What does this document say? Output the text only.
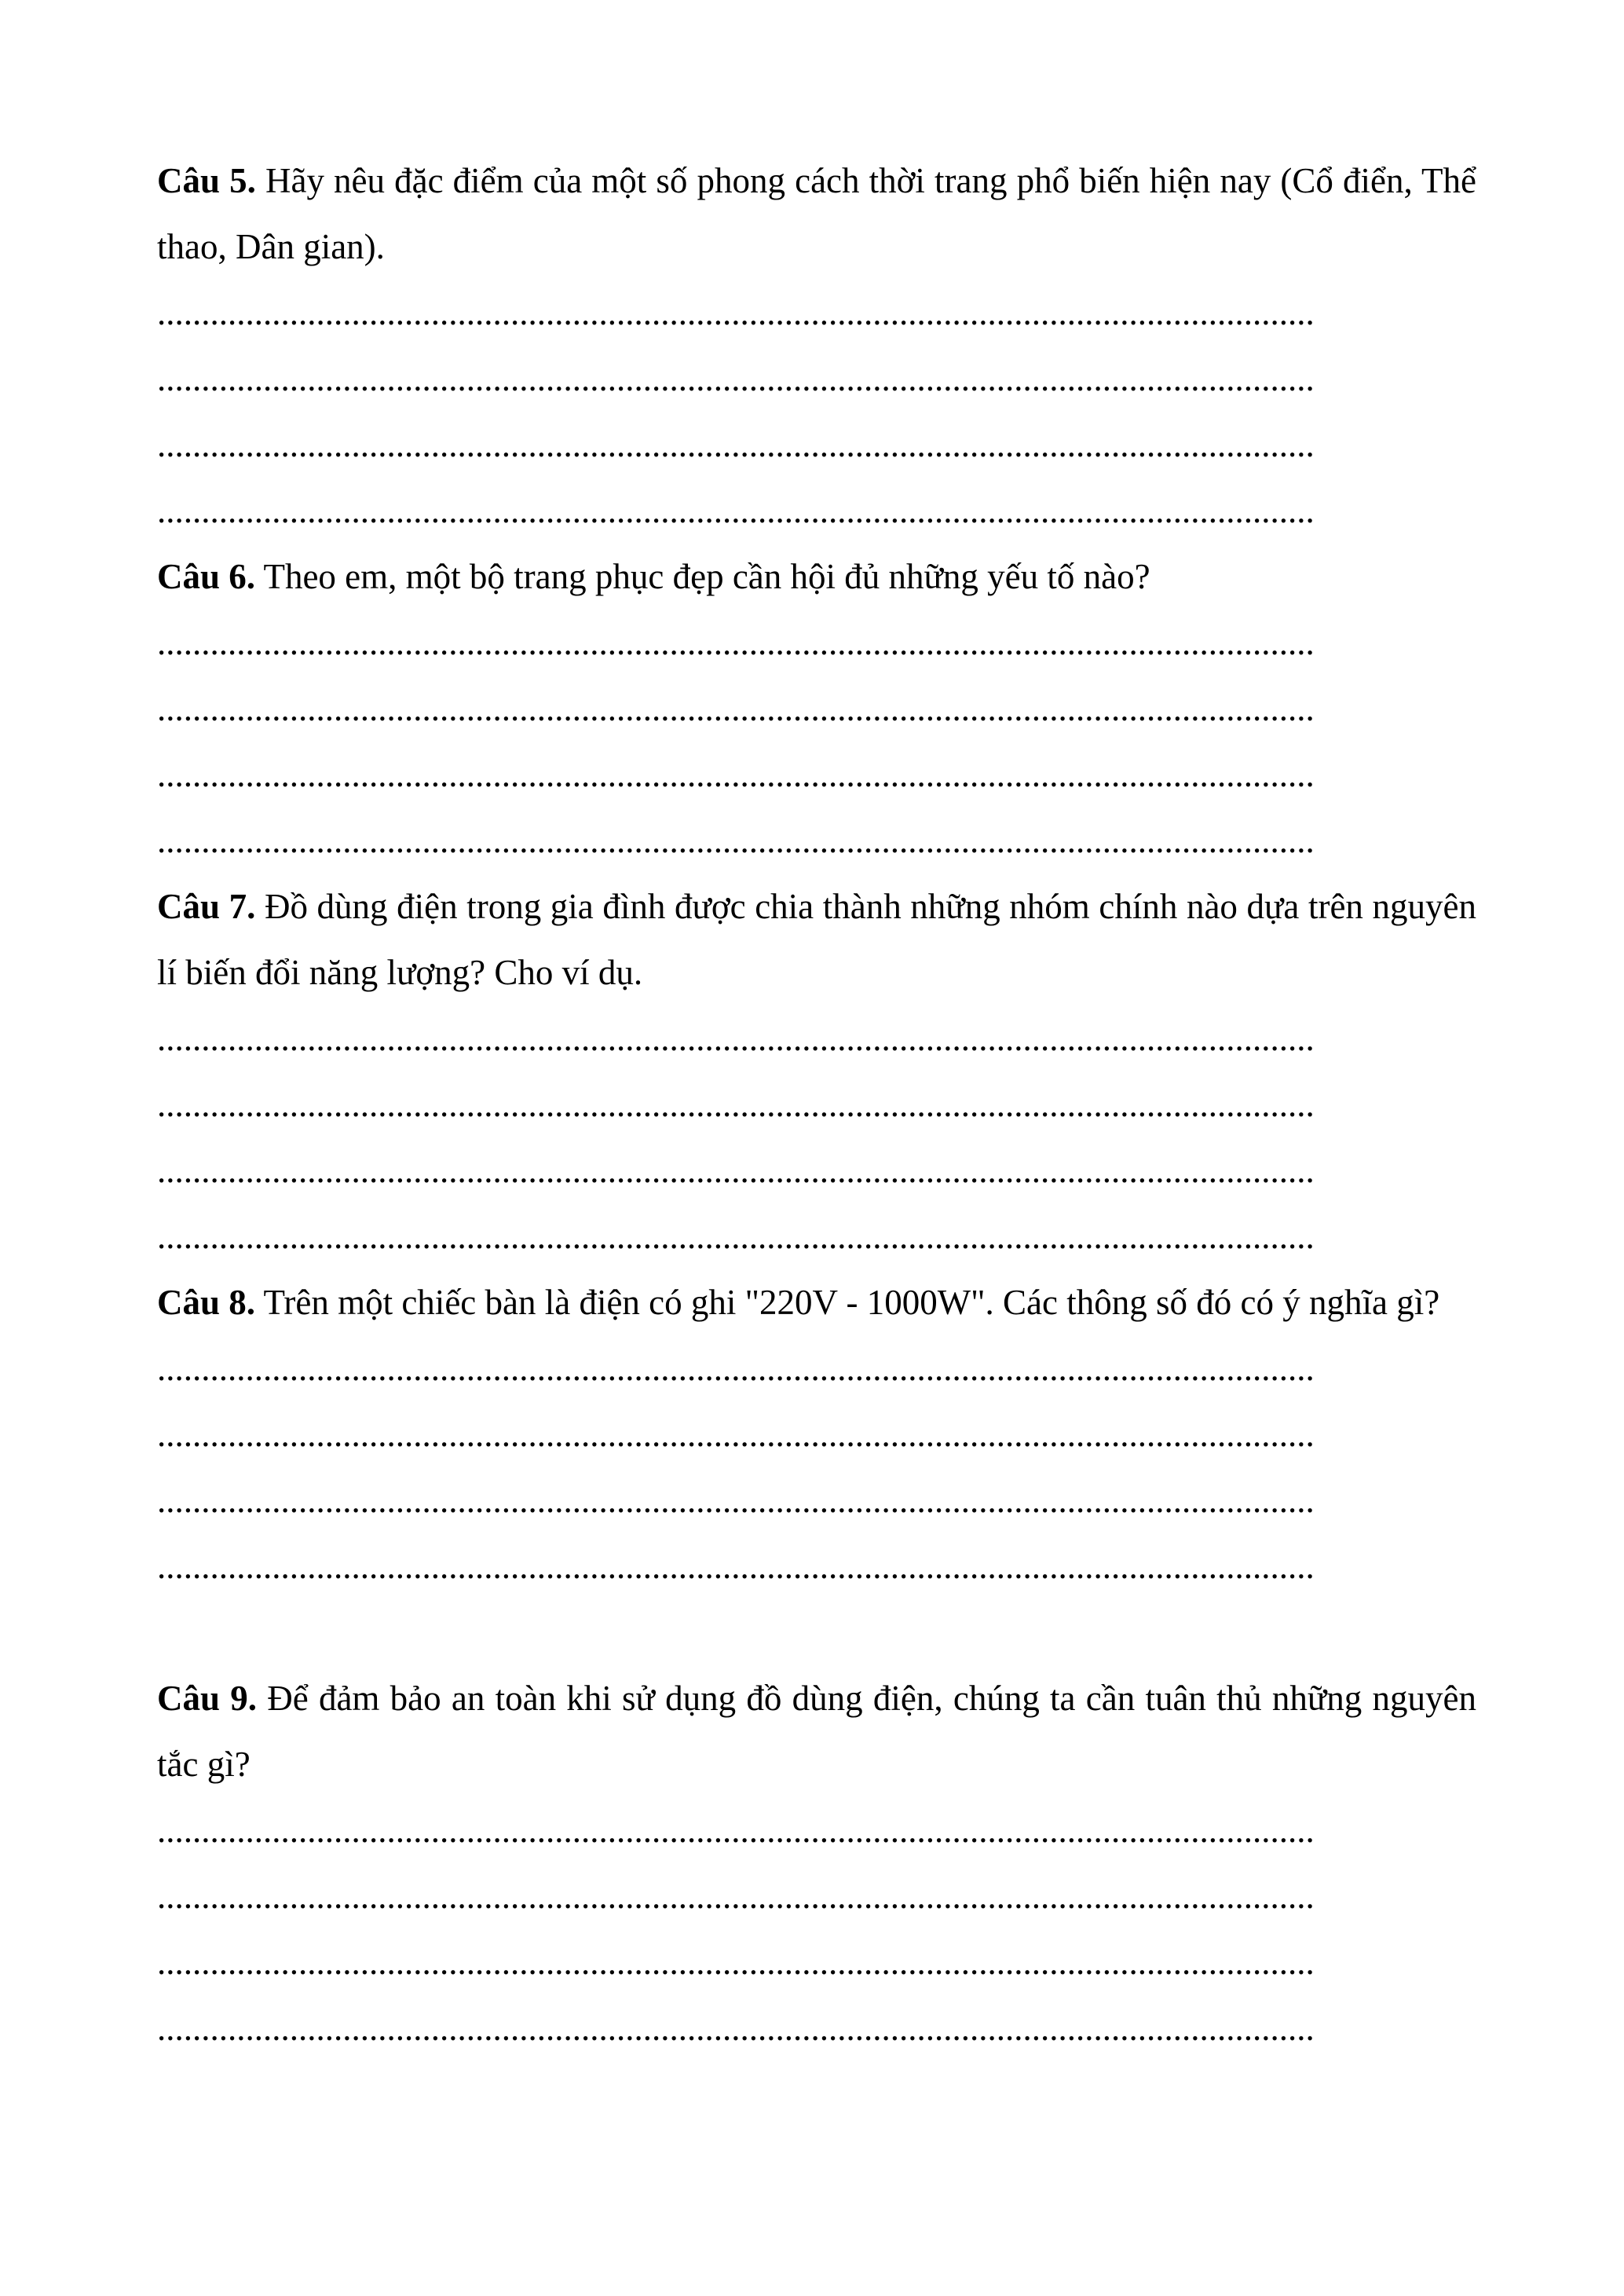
Câu 5. Hãy nêu đặc điểm của một số phong cách thời trang phổ biến hiện nay (Cổ điển, Thể thao, Dân gian).

...................................................................................................................................
...................................................................................................................................
...................................................................................................................................
...................................................................................................................................

Câu 6. Theo em, một bộ trang phục đẹp cần hội đủ những yếu tố nào?

...................................................................................................................................
...................................................................................................................................
...................................................................................................................................
...................................................................................................................................

Câu 7. Đồ dùng điện trong gia đình được chia thành những nhóm chính nào dựa trên nguyên lí biến đổi năng lượng? Cho ví dụ.

...................................................................................................................................
...................................................................................................................................
...................................................................................................................................
...................................................................................................................................

Câu 8. Trên một chiếc bàn là điện có ghi "220V - 1000W". Các thông số đó có ý nghĩa gì?

...................................................................................................................................
...................................................................................................................................
...................................................................................................................................
...................................................................................................................................

Câu 9. Để đảm bảo an toàn khi sử dụng đồ dùng điện, chúng ta cần tuân thủ những nguyên tắc gì?

...................................................................................................................................
...................................................................................................................................
...................................................................................................................................
...................................................................................................................................
